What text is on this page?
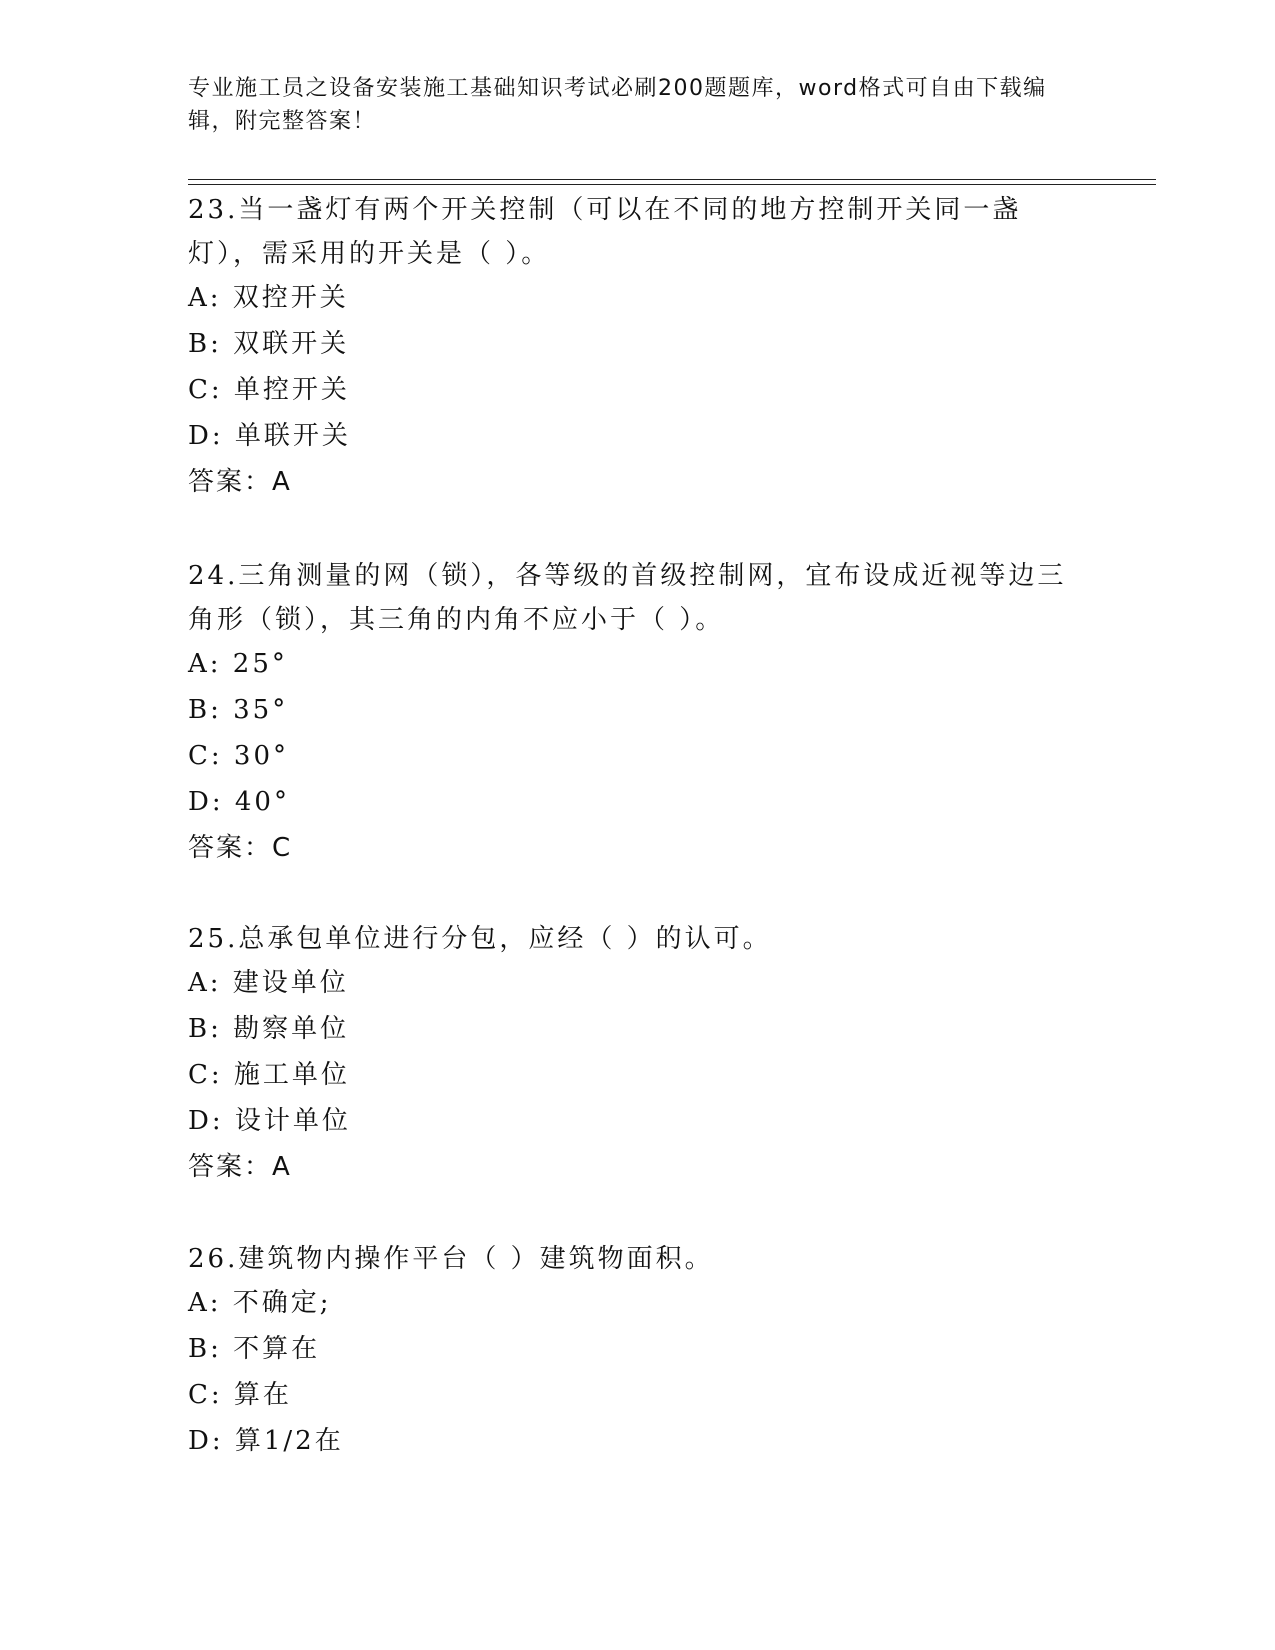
专业施工员之设备安装施工基础知识考试必刷200题题库，word格式可自由下载编辑，附完整答案！

23.当一盏灯有两个开关控制（可以在不同的地方控制开关同一盏灯），需采用的开关是（ ）。

A: 双控开关
B: 双联开关
C: 单控开关
D: 单联开关
答案：A

24.三角测量的网（锁），各等级的首级控制网，宜布设成近视等边三角形（锁），其三角的内角不应小于（ ）。

A: 25°
B: 35°
C: 30°
D: 40°
答案：C

25.总承包单位进行分包，应经（ ）的认可。

A: 建设单位
B: 勘察单位
C: 施工单位
D: 设计单位
答案：A

26.建筑物内操作平台（ ）建筑物面积。

A: 不确定;
B: 不算在
C: 算在
D: 算1/2在
